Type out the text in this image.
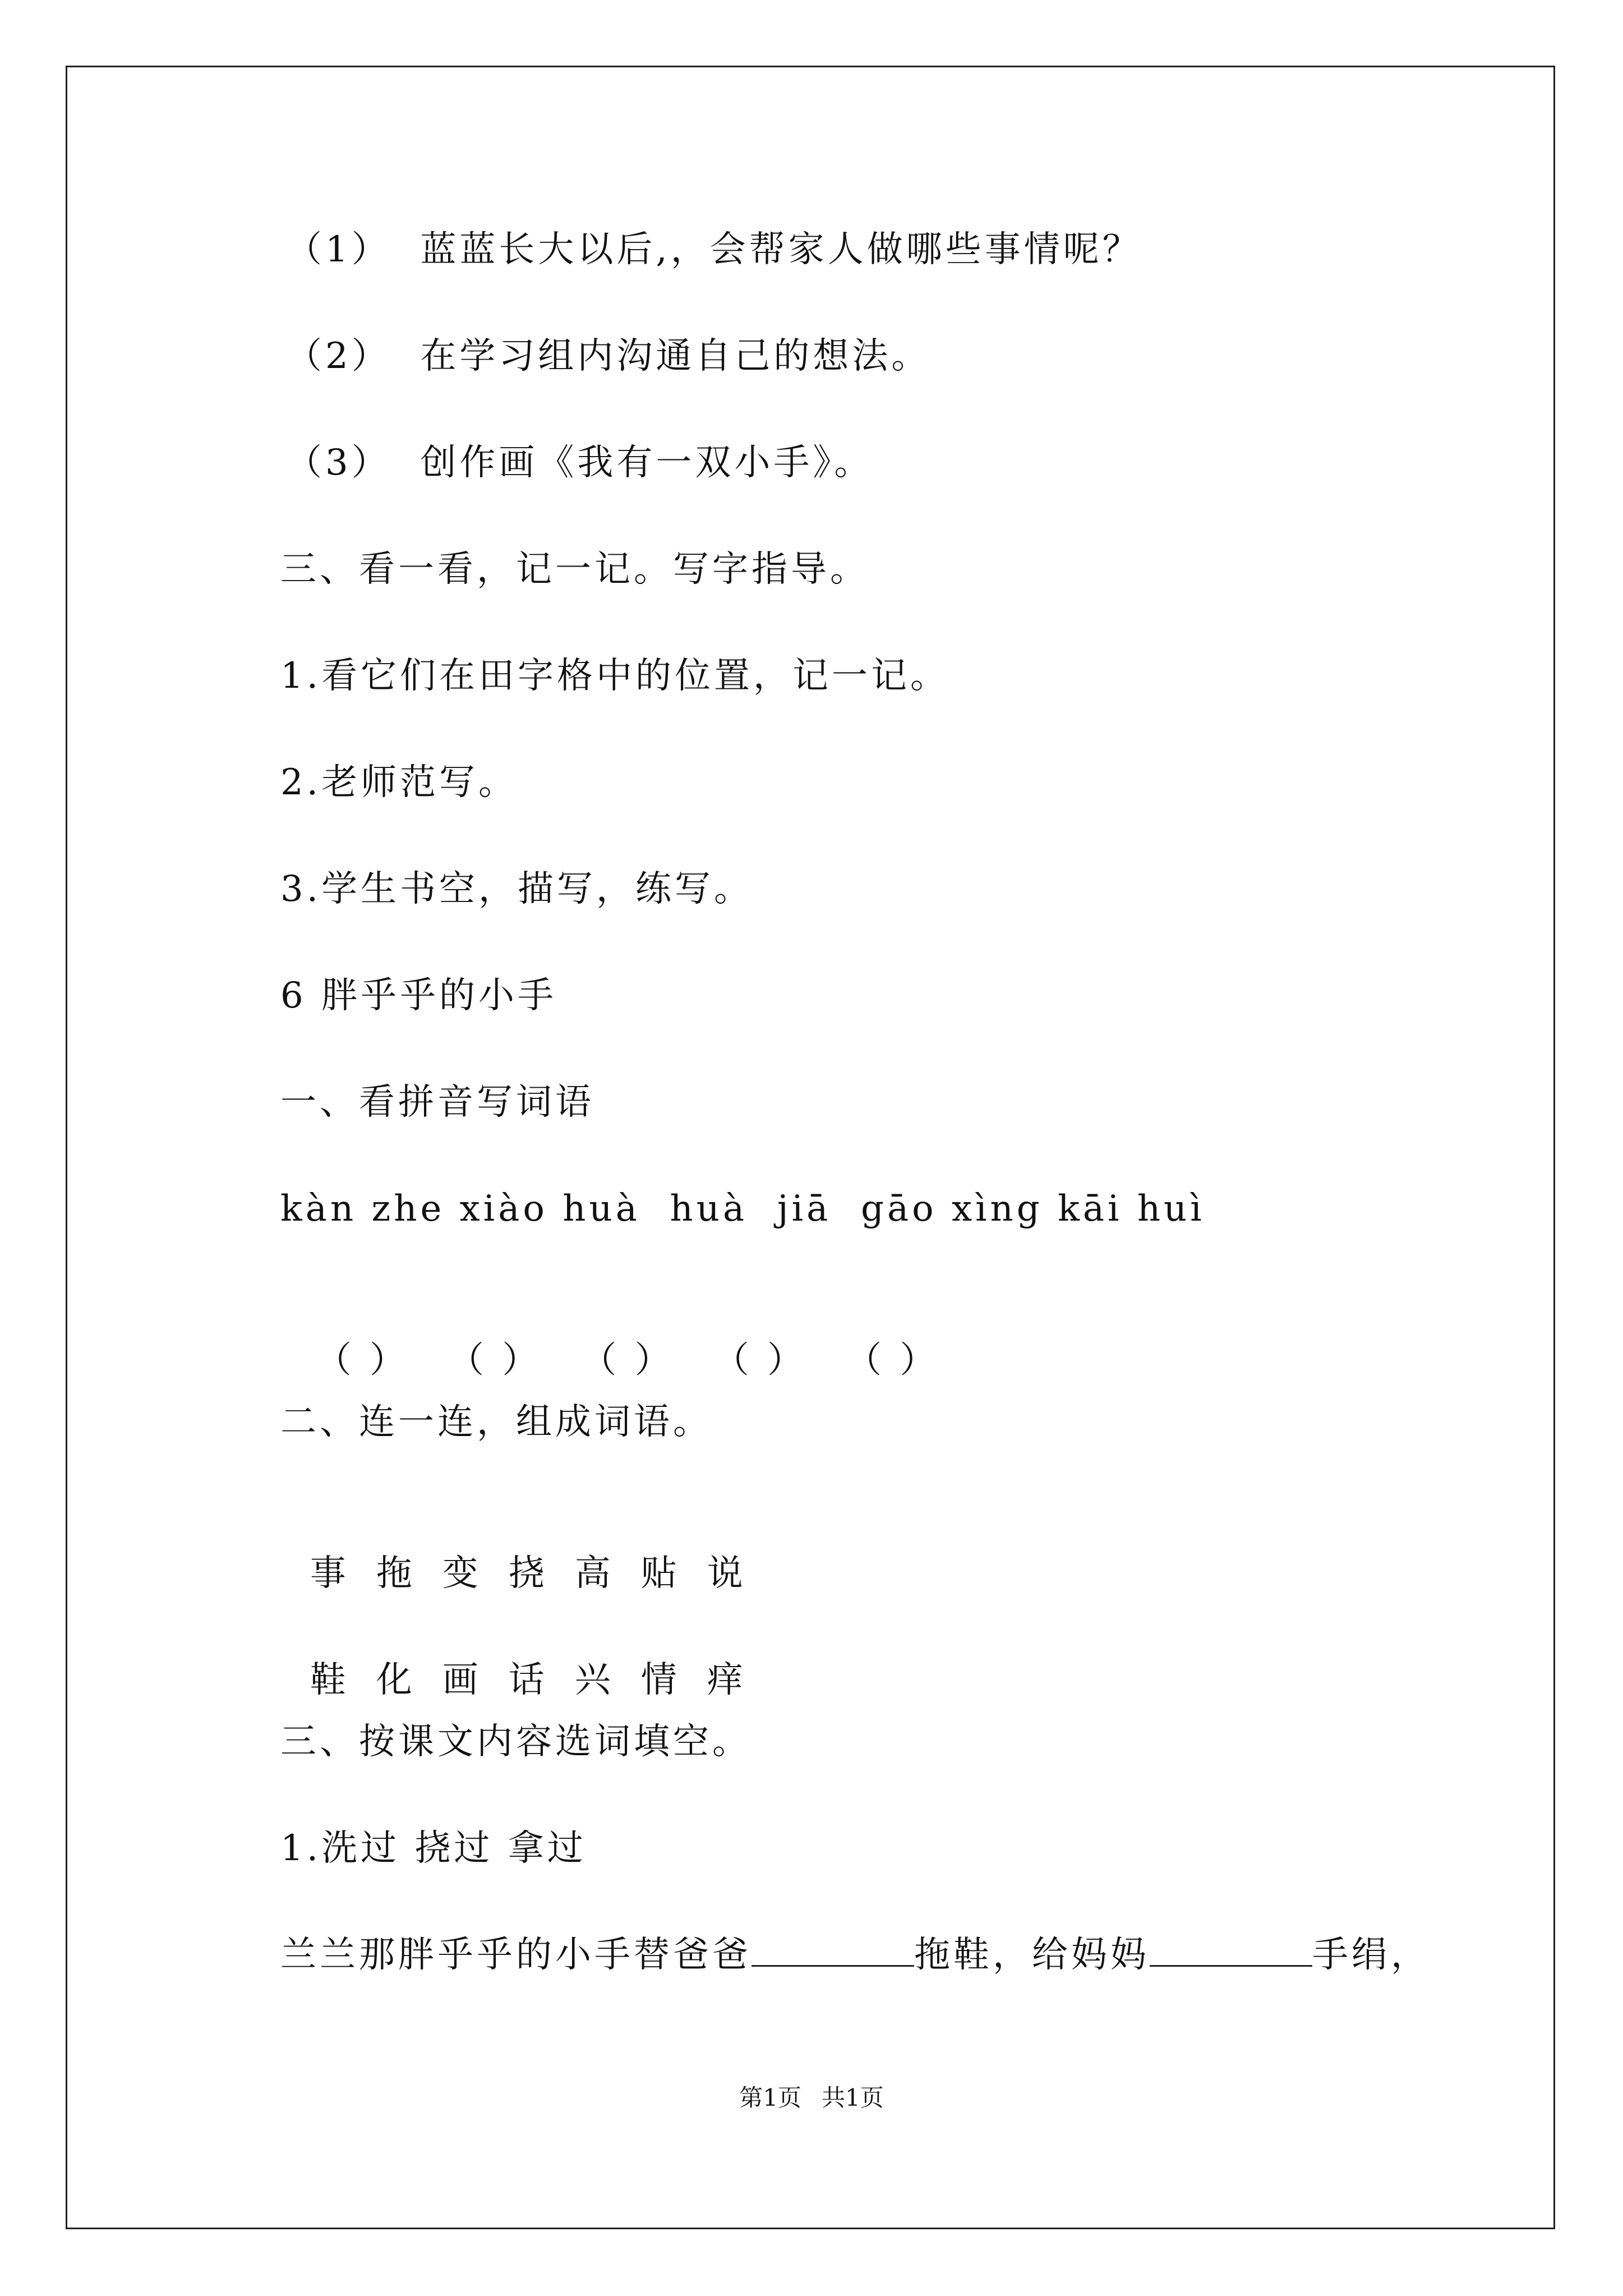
（1）  蓝蓝长大以后,，会帮家人做哪些事情呢？
（2）  在学习组内沟通自己的想法。
（3）  创作画《我有一双小手》。
三、看一看，记一记。写字指导。
1.看它们在田字格中的位置，记一记。
2.老师范写。
3.学生书空，描写，练写。
6 胖乎乎的小手
一、看拼音写词语
kàn zhe xiào huà  huà  jiā  gāo xìng kāi huì

（ ） （ ） （ ） （ ） （ ）

二、连一连，组成词语。

事 拖 变 挠 高 贴 说

鞋 化 画 话 兴 情 痒

三、按课文内容选词填空。
1.洗过 挠过 拿过
兰兰那胖乎乎的小手替爸爸	拖鞋，给妈妈	手绢，
第1页 共1页
